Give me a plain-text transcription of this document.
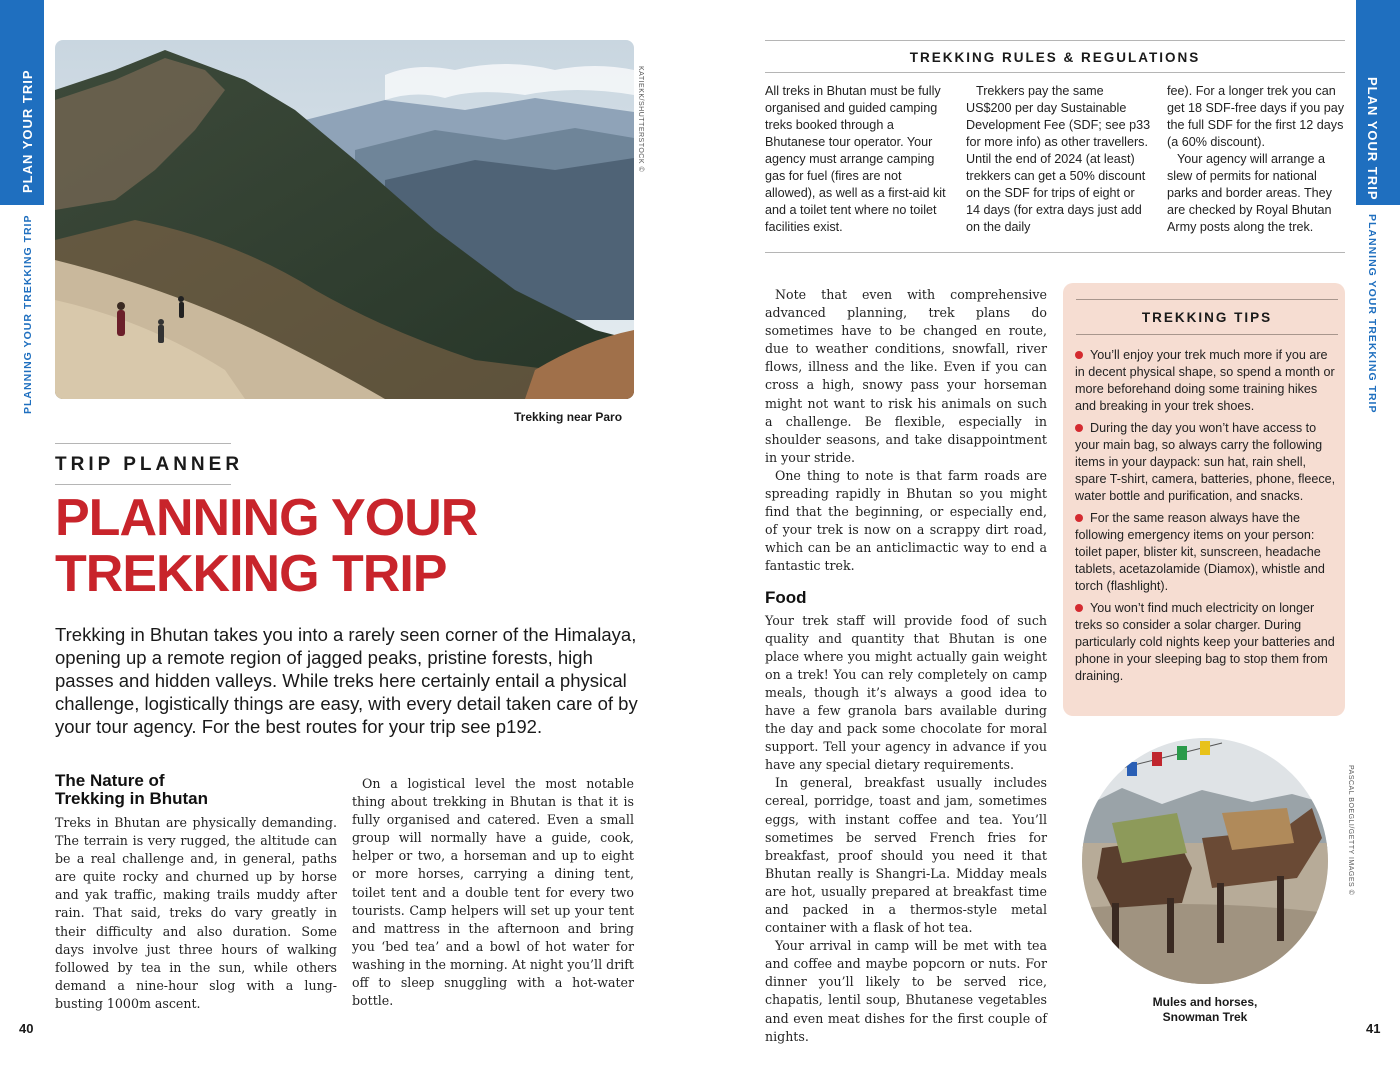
PLAN YOUR TRIP
PLANNING YOUR TREKKING TRIP
KATIEKK/SHUTTERSTOCK ©
Trekking near Paro
TRIP PLANNER
PLANNING YOUR
TREKKING TRIP
Trekking in Bhutan takes you into a rarely seen corner of the Himalaya, opening up a remote region of jagged peaks, pristine forests, high passes and hidden valleys. While treks here certainly entail a physical challenge, logistically things are easy, with every detail taken care of by your tour agency. For the best routes for your trip see p192.
The Nature of
Trekking in Bhutan

Treks in Bhutan are physically demanding. The terrain is very rugged, the altitude can be a real challenge and, in general, paths are quite rocky and churned up by horse and yak traffic, making trails muddy after rain. That said, treks do vary greatly in their difficulty and also duration. Some days involve just three hours of walking followed by tea in the sun, while others demand a nine-hour slog with a lung-busting 1000m ascent.

On a logistical level the most notable thing about trekking in Bhutan is that it is fully organised and catered. Even a small group will normally have a guide, cook, helper or two, a horseman and up to eight or more horses, carrying a dining tent, toilet tent and a double tent for every two tourists. Camp helpers will set up your tent and mattress in the afternoon and bring you ‘bed tea’ and a bowl of hot water for washing in the morning. At night you’ll drift off to sleep snuggling with a hot-water bottle.

40
PLAN YOUR TRIP
PLANNING YOUR TREKKING TRIP
TREKKING RULES & REGULATIONS

All treks in Bhutan must be fully organised and guided camping treks booked through a Bhutanese tour operator. Your agency must arrange camping gas for fuel (fires are not allowed), as well as a first-aid kit and a toilet tent where no toilet facilities exist.

Trekkers pay the same US$200 per day Sustainable Development Fee (SDF; see p33 for more info) as other travellers. Until the end of 2024 (at least) trekkers can get a 50% discount on the SDF for trips of eight or 14 days (for extra days just add on the daily

fee). For a longer trek you can get 18 SDF-free days if you pay the full SDF for the first 12 days (a 60% discount).

Your agency will arrange a slew of permits for national parks and border areas. They are checked by Royal Bhutan Army posts along the trek.

Note that even with comprehensive advanced planning, trek plans do sometimes have to be changed en route, due to weather conditions, snowfall, river flows, illness and the like. Even if you can cross a high, snowy pass your horseman might not want to risk his animals on such a challenge. Be flexible, especially in shoulder seasons, and take disappointment in your stride.

One thing to note is that farm roads are spreading rapidly in Bhutan so you might find that the beginning, or especially end, of your trek is now on a scrappy dirt road, which can be an anticlimactic way to end a fantastic trek.

Food

Your trek staff will provide food of such quality and quantity that Bhutan is one place where you might actually gain weight on a trek! You can rely completely on camp meals, though it’s always a good idea to have a few granola bars available during the day and pack some chocolate for moral support. Tell your agency in advance if you have any special dietary requirements.

In general, breakfast usually includes cereal, porridge, toast and jam, sometimes eggs, with instant coffee and tea. You’ll sometimes be served French fries for breakfast, proof should you need it that Bhutan really is Shangri-La. Midday meals are hot, usually prepared at breakfast time and packed in a thermos-style metal container with a flask of hot tea.

Your arrival in camp will be met with tea and coffee and maybe popcorn or nuts. For dinner you’ll likely to be served rice, chapatis, lentil soup, Bhutanese vegetables and even meat dishes for the first couple of nights.

TREKKING TIPS
You’ll enjoy your trek much more if you are in decent physical shape, so spend a month or more beforehand doing some training hikes and breaking in your trek shoes.
During the day you won’t have access to your main bag, so always carry the following items in your daypack: sun hat, rain shell, spare T-shirt, camera, batteries, phone, fleece, water bottle and purification, and snacks.
For the same reason always have the following emergency items on your person: toilet paper, blister kit, sunscreen, headache tablets, acetazolamide (Diamox), whistle and torch (flashlight).
You won’t find much electricity on longer treks so consider a solar charger. During particularly cold nights keep your batteries and phone in your sleeping bag to stop them from draining.
PASCAL BOEGLI/GETTY IMAGES ©
Mules and horses,
Snowman Trek
41
